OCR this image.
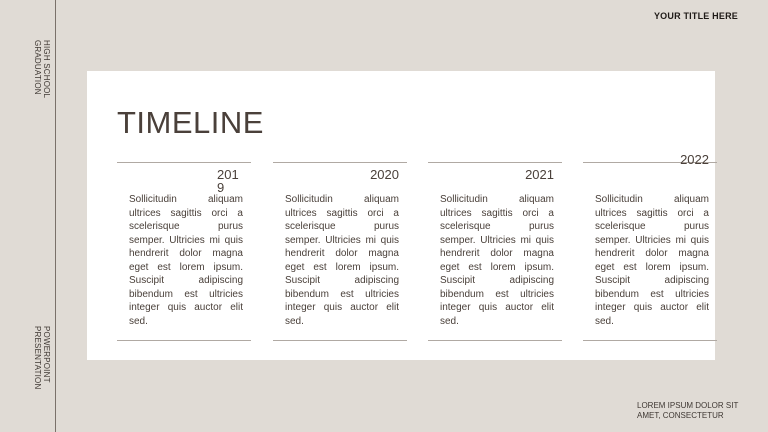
HIGH SCHOOL GRADUATION
POWERPOINT PRESENTATION
YOUR TITLE HERE
TIMELINE
2019
Sollicitudin aliquam ultrices sagittis orci a scelerisque purus semper. Ultricies mi quis hendrerit dolor magna eget est lorem ipsum. Suscipit adipiscing bibendum est ultricies integer quis auctor elit sed.
2020
Sollicitudin aliquam ultrices sagittis orci a scelerisque purus semper. Ultricies mi quis hendrerit dolor magna eget est lorem ipsum. Suscipit adipiscing bibendum est ultricies integer quis auctor elit sed.
2021
Sollicitudin aliquam ultrices sagittis orci a scelerisque purus semper. Ultricies mi quis hendrerit dolor magna eget est lorem ipsum. Suscipit adipiscing bibendum est ultricies integer quis auctor elit sed.
2022
Sollicitudin aliquam ultrices sagittis orci a scelerisque purus semper. Ultricies mi quis hendrerit dolor magna eget est lorem ipsum. Suscipit adipiscing bibendum est ultricies integer quis auctor elit sed.
LOREM IPSUM DOLOR SIT AMET, CONSECTETUR
